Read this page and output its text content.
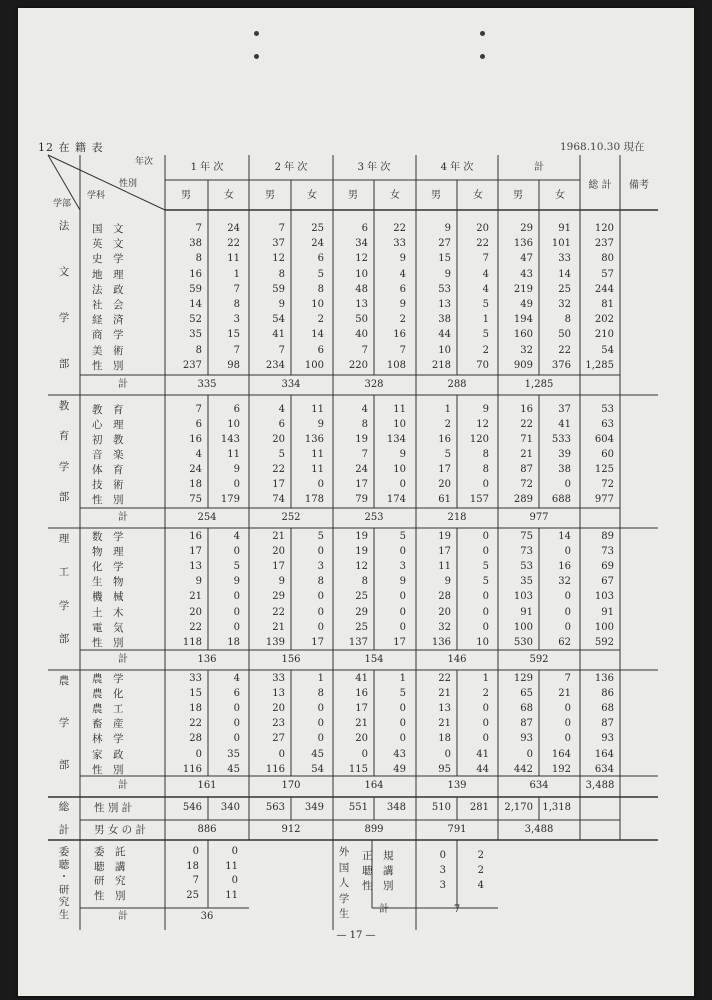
12 在 籍 表	1968.10.30 現在
年次
性別
学科
学部
総 計 備考
1 年 次
男	女
2 年 次
男	女
3 年 次
男	女
4 年 次
男	女
計
男	女
法
文
学
部
国　文	7	24	7	25	6	22	9	20	29	91 120
英　文	38	22	37	24	34	33	27	22 136 101 237
史　学	8	11	12	6	12	9	15	7	47	33	80
地　理	16	1	8	5	10	4	9	4	43	14	57
法　政	59	7	59	8	48	6	53	4 219	25 244
社　会	14	8	9	10	13	9	13	5	49	32	81
経　済	52	3	54	2	50	2	38	1 194	8 202
商　学	35	15	41	14	40	16	44	5 160	50 210
美　術	8	7	7	6	7	7	10	2	32	22	54
性　別	237	98	234 100 220 108	218	70 909 376 1,285
計	335	334	328	288	1,285
教
育
学
部
教　育	7	6	4	11	4	11	1	9	16	37	53
心　理	6	10	6	9	8	10	2	12	22	41	63
初　教	16 143	20 136	19 134	16 120	71 533 604
音　楽	4	11	5	11	7	9	5	8	21	39	60
体　育	24	9	22	11	24	10	17	8	87	38 125
技　術	18	0	17	0	17	0	20	0	72	0	72
性　別	75 179	74 178	79 174	61 157 289 688 977
計	254	252	253	218	977
理
工
学
部
数　学	16	4	21	5	19	5	19	0	75	14	89
物　理	17	0	20	0	19	0	17	0	73	0	73
化　学	13	5	17	3	12	3	11	5	53	16	69
生　物	9	9	9	8	8	9	9	5	35	32	67
機　械	21	0	29	0	25	0	28	0 103	0 103
土　木	20	0	22	0	29	0	20	0	91	0	91
電　気	22	0	21	0	25	0	32	0 100	0 100
性　別	118	18	139	17 137	17	136	10 530	62 592
計	136	156	154	146	592
農
学
部
農　学	33	4	33	1	41	1	22	1 129	7 136
農　化	15	6	13	8	16	5	21	2	65	21	86
農　工	18	0	20	0	17	0	13	0	68	0	68
畜　産	22	0	23	0	21	0	21	0	87	0	87
林　学	28	0	27	0	20	0	18	0	93	0	93
家　政	0	35	0	45	0	43	0	41	0 164 164
性　別	116	45	116	54 115	49	95	44 442 192 634
計	161	170	164	139	634	3,488
総
計
性 別 計	546 340	563 349 551 348	510 281 2,170 1,318
男 女 の 計	886	912	899	791	3,488
委
聴
・
研
究
生
委　託	0	0
聴　講	18	11
研　究	7	0
性　別	25	11
計	36
外
国
人
学
生
正　規	0	2
聴　講	3	2
性　別	3	4
計	7
— 17 —
